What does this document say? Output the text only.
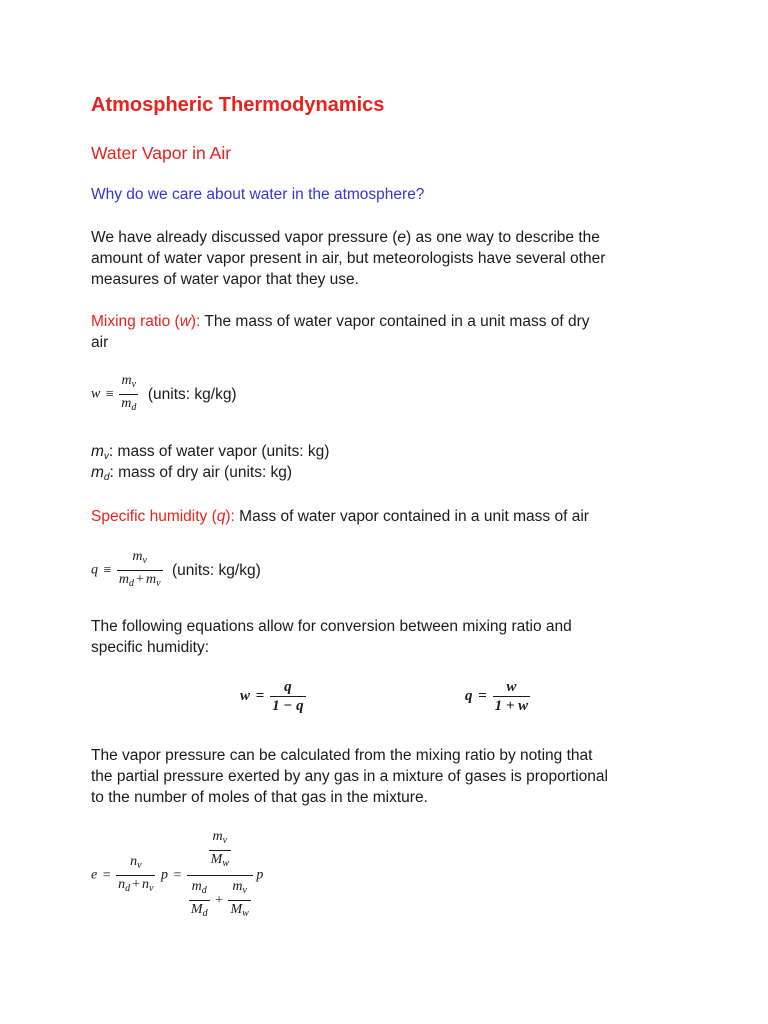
Atmospheric Thermodynamics
Water Vapor in Air

Why do we care about water in the atmosphere?

We have already discussed vapor pressure (e) as one way to describe the
amount of water vapor present in air, but meteorologists have several other
measures of water vapor that they use.

Mixing ratio (w): The mass of water vapor contained in a unit mass of dry
air

$w \equiv \frac{m_v}{m_d}$ (units: kg/kg)
$m_v$: mass of water vapor (units: kg)
$m_d$: mass of dry air (units: kg)

Specific humidity (q): Mass of water vapor contained in a unit mass of air

$q \equiv \frac{m_v}{m_d + m_v}$ (units: kg/kg)

The following equations allow for conversion between mixing ratio and
specific humidity:

$w = \frac{q}{1 - q}$	$q = \frac{w}{1 + w}$

The vapor pressure can be calculated from the mixing ratio by noting that
the partial pressure exerted by any gas in a mixture of gases is proportional
to the number of moles of that gas in the mixture.

$e = \frac{n_v}{n_d + n_v}$ p =
$\frac{m_v}{M_w}$
$\frac{m_d}{M_d} + \frac{m_v}{M_w}$
p
